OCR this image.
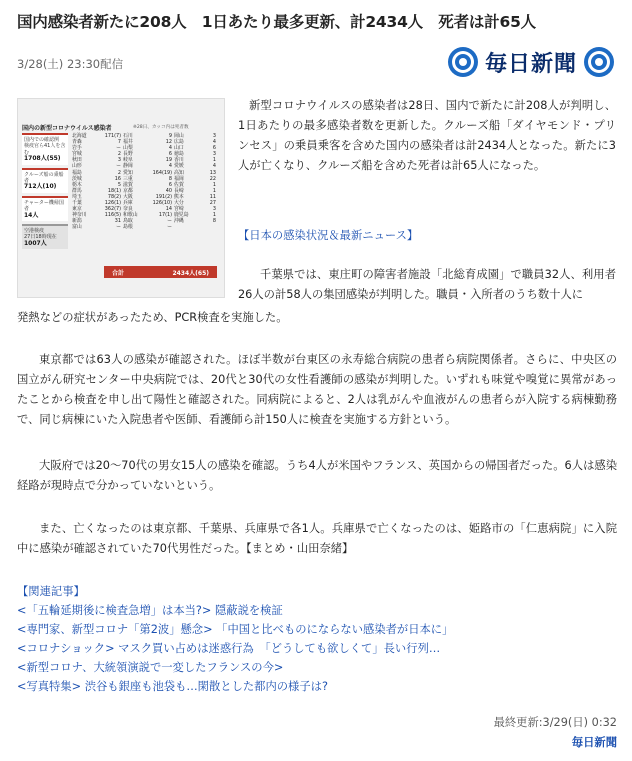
国内感染者新たに208人　1日あたり最多更新、計2434人　死者は計65人
3/28(土) 23:30配信	毎日新聞
国内の新型コロナウイルス感染者	※28日、カッコ内は死者数
国内での確認例
検疫官ら41人を含む
1708人(55)
クルーズ船の乗船者
712人(10)
チャーター機帰国者
14人
空港検疫
27日18時現在
1007人
北海道	171(7)
青森	7
岩手	ー
宮城	2
秋田	3
山形	ー
福島	2
茨城	16
栃木	5
群馬	18(1)
埼玉	78(2)
千葉	126(1)
東京	362(7)
神奈川	116(5)
新潟	31
富山	ー
石川	9
福井	12
山梨	4
長野	6
岐阜	19
静岡	4
愛知	164(19)
三重	8
滋賀	6
京都	40
大阪	191(2)
兵庫	126(10)
奈良	14
和歌山	17(1)
鳥取	ー
島根	ー
岡山	3
広島	4
山口	6
徳島	3
香川	1
愛媛	4
高知	13
福岡	22
佐賀	1
長崎	1
熊本	11
大分	27
宮崎	3
鹿児島	1
沖縄	8
合計	2434人(65)
新型コロナウイルスの感染者は28日、国内で新たに計208人が判明し、1日あたりの最多感染者数を更新した。クルーズ船「ダイヤモンド・プリンセス」の乗員乗客を含めた国内の感染者は計2434人となった。新たに3人が亡くなり、クルーズ船を含めた死者は計65人になった。
【日本の感染状況＆最新ニュース】
千葉県では、東庄町の障害者施設「北総育成園」で職員32人、利用者26人の計58人の集団感染が判明した。職員・入所者のうち数十人に
発熱などの症状があったため、PCR検査を実施した。
東京都では63人の感染が確認された。ほぼ半数が台東区の永寿総合病院の患者ら病院関係者。さらに、中央区の国立がん研究センター中央病院では、20代と30代の女性看護師の感染が判明した。いずれも味覚や嗅覚に異常があったことから検査を申し出て陽性と確認された。同病院によると、2人は乳がんや血液がんの患者らが入院する病棟勤務で、同じ病棟にいた入院患者や医師、看護師ら計150人に検査を実施する方針という。
大阪府では20～70代の男女15人の感染を確認。うち4人が米国やフランス、英国からの帰国者だった。6人は感染経路が現時点で分かっていないという。
また、亡くなったのは東京都、千葉県、兵庫県で各1人。兵庫県で亡くなったのは、姫路市の「仁恵病院」に入院中に感染が確認されていた70代男性だった。【まとめ・山田奈緒】
【関連記事】
<「五輪延期後に検査急増」は本当?> 隠蔽説を検証
<専門家、新型コロナ「第2波」懸念> 「中国と比べものにならない感染者が日本に」
<コロナショック> マスク買い占めは迷惑行為　「どうしても欲しくて」長い行列…
<新型コロナ、大統領演説で一変したフランスの今>
<写真特集> 渋谷も銀座も池袋も…閑散とした都内の様子は?
最終更新:3/29(日) 0:32
毎日新聞
